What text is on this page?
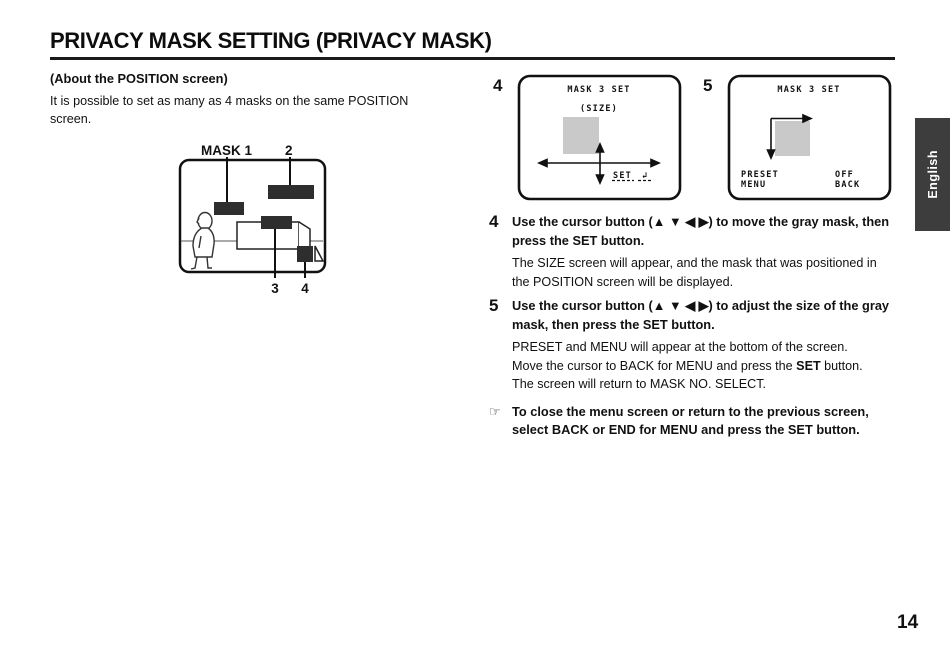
PRIVACY MASK SETTING (PRIVACY MASK)
(About the POSITION screen)
It is possible to set as many as 4 masks on the same POSITION screen.
MASK 1 2
3 4
4	MASK 3 SET
(SIZE)
SET ↲
5	MASK 3 SET
PRESET
MENU
OFF
BACK
4	Use the cursor button (▲ ▼ ◀ ▶) to move the gray mask, then press the SET button.
The SIZE screen will appear, and the mask that was positioned in the POSITION screen will be displayed.
5	Use the cursor button (▲ ▼ ◀ ▶) to adjust the size of the gray mask, then press the SET button.
PRESET and MENU will appear at the bottom of the screen.
Move the cursor to BACK for MENU and press the SET button.
The screen will return to MASK NO. SELECT.
☞ To close the menu screen or return to the previous screen, select BACK or END for MENU and press the SET button.
English
14
